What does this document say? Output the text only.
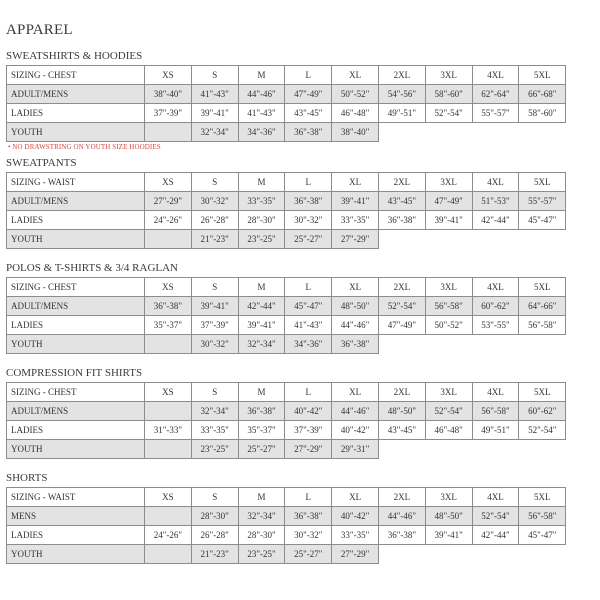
APPAREL
SWEATSHIRTS & HOODIES
SIZING - CHEST	XS	S	M	L	XL	2XL	3XL	4XL	5XL
ADULT/MENS	38"-40"	41"-43"	44"-46"	47"-49"	50"-52"	54"-56"	58"-60"	62"-64"	66"-68"
LADIES	37"-39"	39"-41"	41"-43"	43"-45"	46"-48"	49"-51"	52"-54"	55"-57"	58"-60"
YOUTH		32"-34"	34"-36"	36"-38"	38"-40"				
• NO DRAWSTRING ON YOUTH SIZE HOODIES
SWEATPANTS
SIZING - WAIST	XS	S	M	L	XL	2XL	3XL	4XL	5XL
ADULT/MENS	27"-29"	30"-32"	33"-35"	36"-38"	39"-41"	43"-45"	47"-49"	51"-53"	55"-57"
LADIES	24"-26"	26"-28"	28"-30"	30"-32"	33"-35"	36"-38"	39"-41"	42"-44"	45"-47"
YOUTH		21"-23"	23"-25"	25"-27"	27"-29"				
POLOS & T-SHIRTS & 3/4 RAGLAN
SIZING - CHEST	XS	S	M	L	XL	2XL	3XL	4XL	5XL
ADULT/MENS	36"-38"	39"-41"	42"-44"	45"-47"	48"-50"	52"-54"	56"-58"	60"-62"	64"-66"
LADIES	35"-37"	37"-39"	39"-41"	41"-43"	44"-46"	47"-49"	50"-52"	53"-55"	56"-58"
YOUTH		30"-32"	32"-34"	34"-36"	36"-38"				
COMPRESSION FIT SHIRTS
SIZING - CHEST	XS	S	M	L	XL	2XL	3XL	4XL	5XL
ADULT/MENS		32"-34"	36"-38"	40"-42"	44"-46"	48"-50"	52"-54"	56"-58"	60"-62"
LADIES	31"-33"	33"-35"	35"-37"	37"-39"	40"-42"	43"-45"	46"-48"	49"-51"	52"-54"
YOUTH		23"-25"	25"-27"	27"-29"	29"-31"				
SHORTS
SIZING - WAIST	XS	S	M	L	XL	2XL	3XL	4XL	5XL
MENS		28"-30"	32"-34"	36"-38"	40"-42"	44"-46"	48"-50"	52"-54"	56"-58"
LADIES	24"-26"	26"-28"	28"-30"	30"-32"	33"-35"	36"-38"	39"-41"	42"-44"	45"-47"
YOUTH		21"-23"	23"-25"	25"-27"	27"-29"				
